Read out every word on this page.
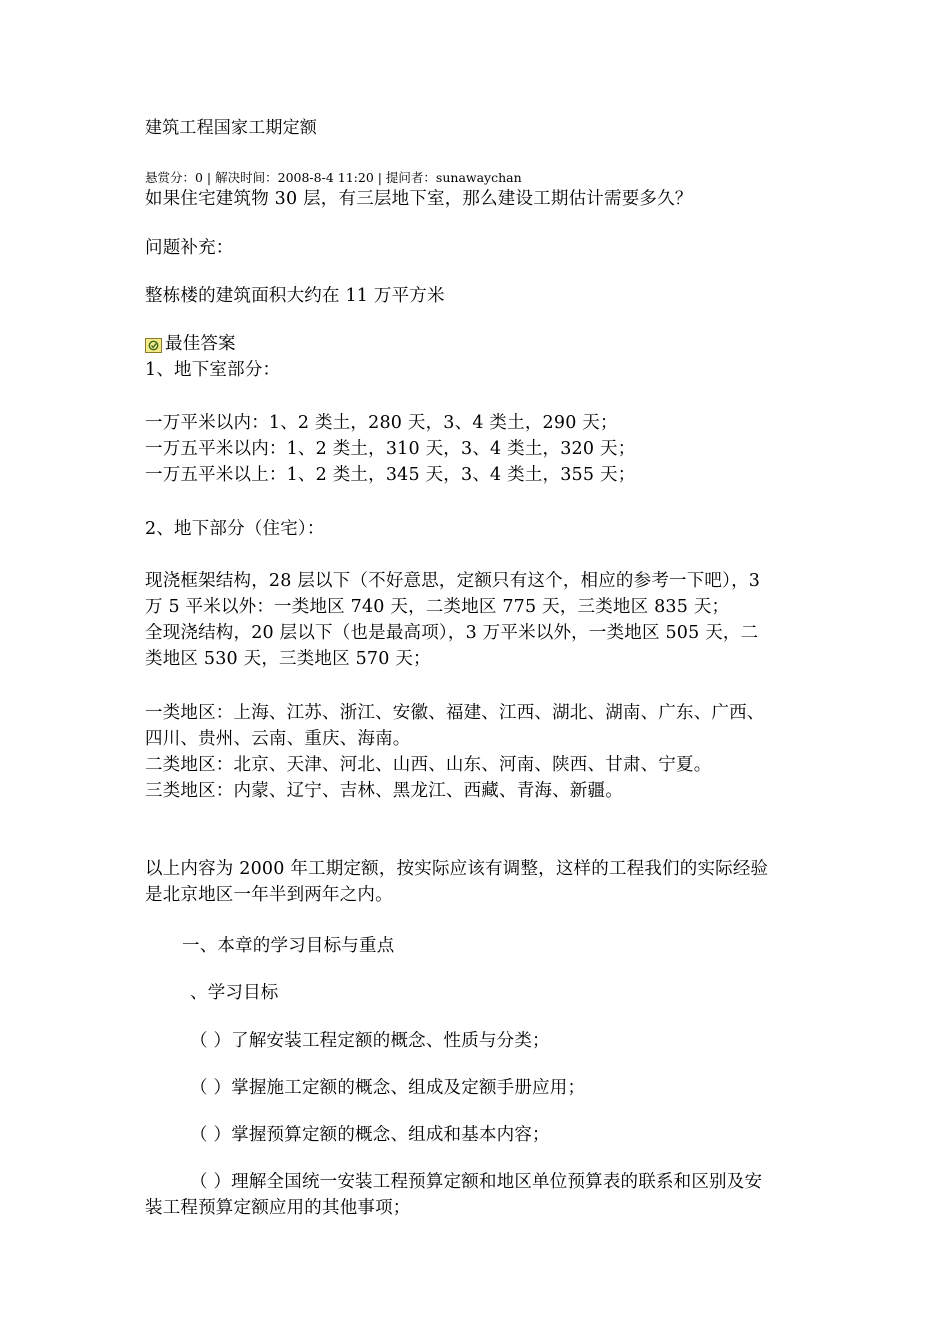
建筑工程国家工期定额
悬赏分：0 | 解决时间：2008-8-4 11:20 | 提问者：sunawaychan
如果住宅建筑物 30 层，有三层地下室，那么建设工期估计需要多久？
问题补充：
整栋楼的建筑面积大约在 11 万平方米
最佳答案
1、地下室部分：
一万平米以内：1、2 类土，280 天，3、4 类土，290 天；
一万五平米以内：1、2 类土，310 天，3、4 类土，320 天；
一万五平米以上：1、2 类土，345 天，3、4 类土，355 天；
2、地下部分（住宅）：
现浇框架结构，28 层以下（不好意思，定额只有这个，相应的参考一下吧），3
万 5 平米以外：一类地区 740 天，二类地区 775 天，三类地区 835 天；
全现浇结构，20 层以下（也是最高项），3 万平米以外，一类地区 505 天，二
类地区 530 天，三类地区 570 天；
一类地区：上海、江苏、浙江、安徽、福建、江西、湖北、湖南、广东、广西、
四川、贵州、云南、重庆、海南。
二类地区：北京、天津、河北、山西、山东、河南、陕西、甘肃、宁夏。
三类地区：内蒙、辽宁、吉林、黑龙江、西藏、青海、新疆。
以上内容为 2000 年工期定额，按实际应该有调整，这样的工程我们的实际经验
是北京地区一年半到两年之内。
一、本章的学习目标与重点
、学习目标
（ ）了解安装工程定额的概念、性质与分类；
（ ）掌握施工定额的概念、组成及定额手册应用；
（ ）掌握预算定额的概念、组成和基本内容；
（ ）理解全国统一安装工程预算定额和地区单位预算表的联系和区别及安
装工程预算定额应用的其他事项；
